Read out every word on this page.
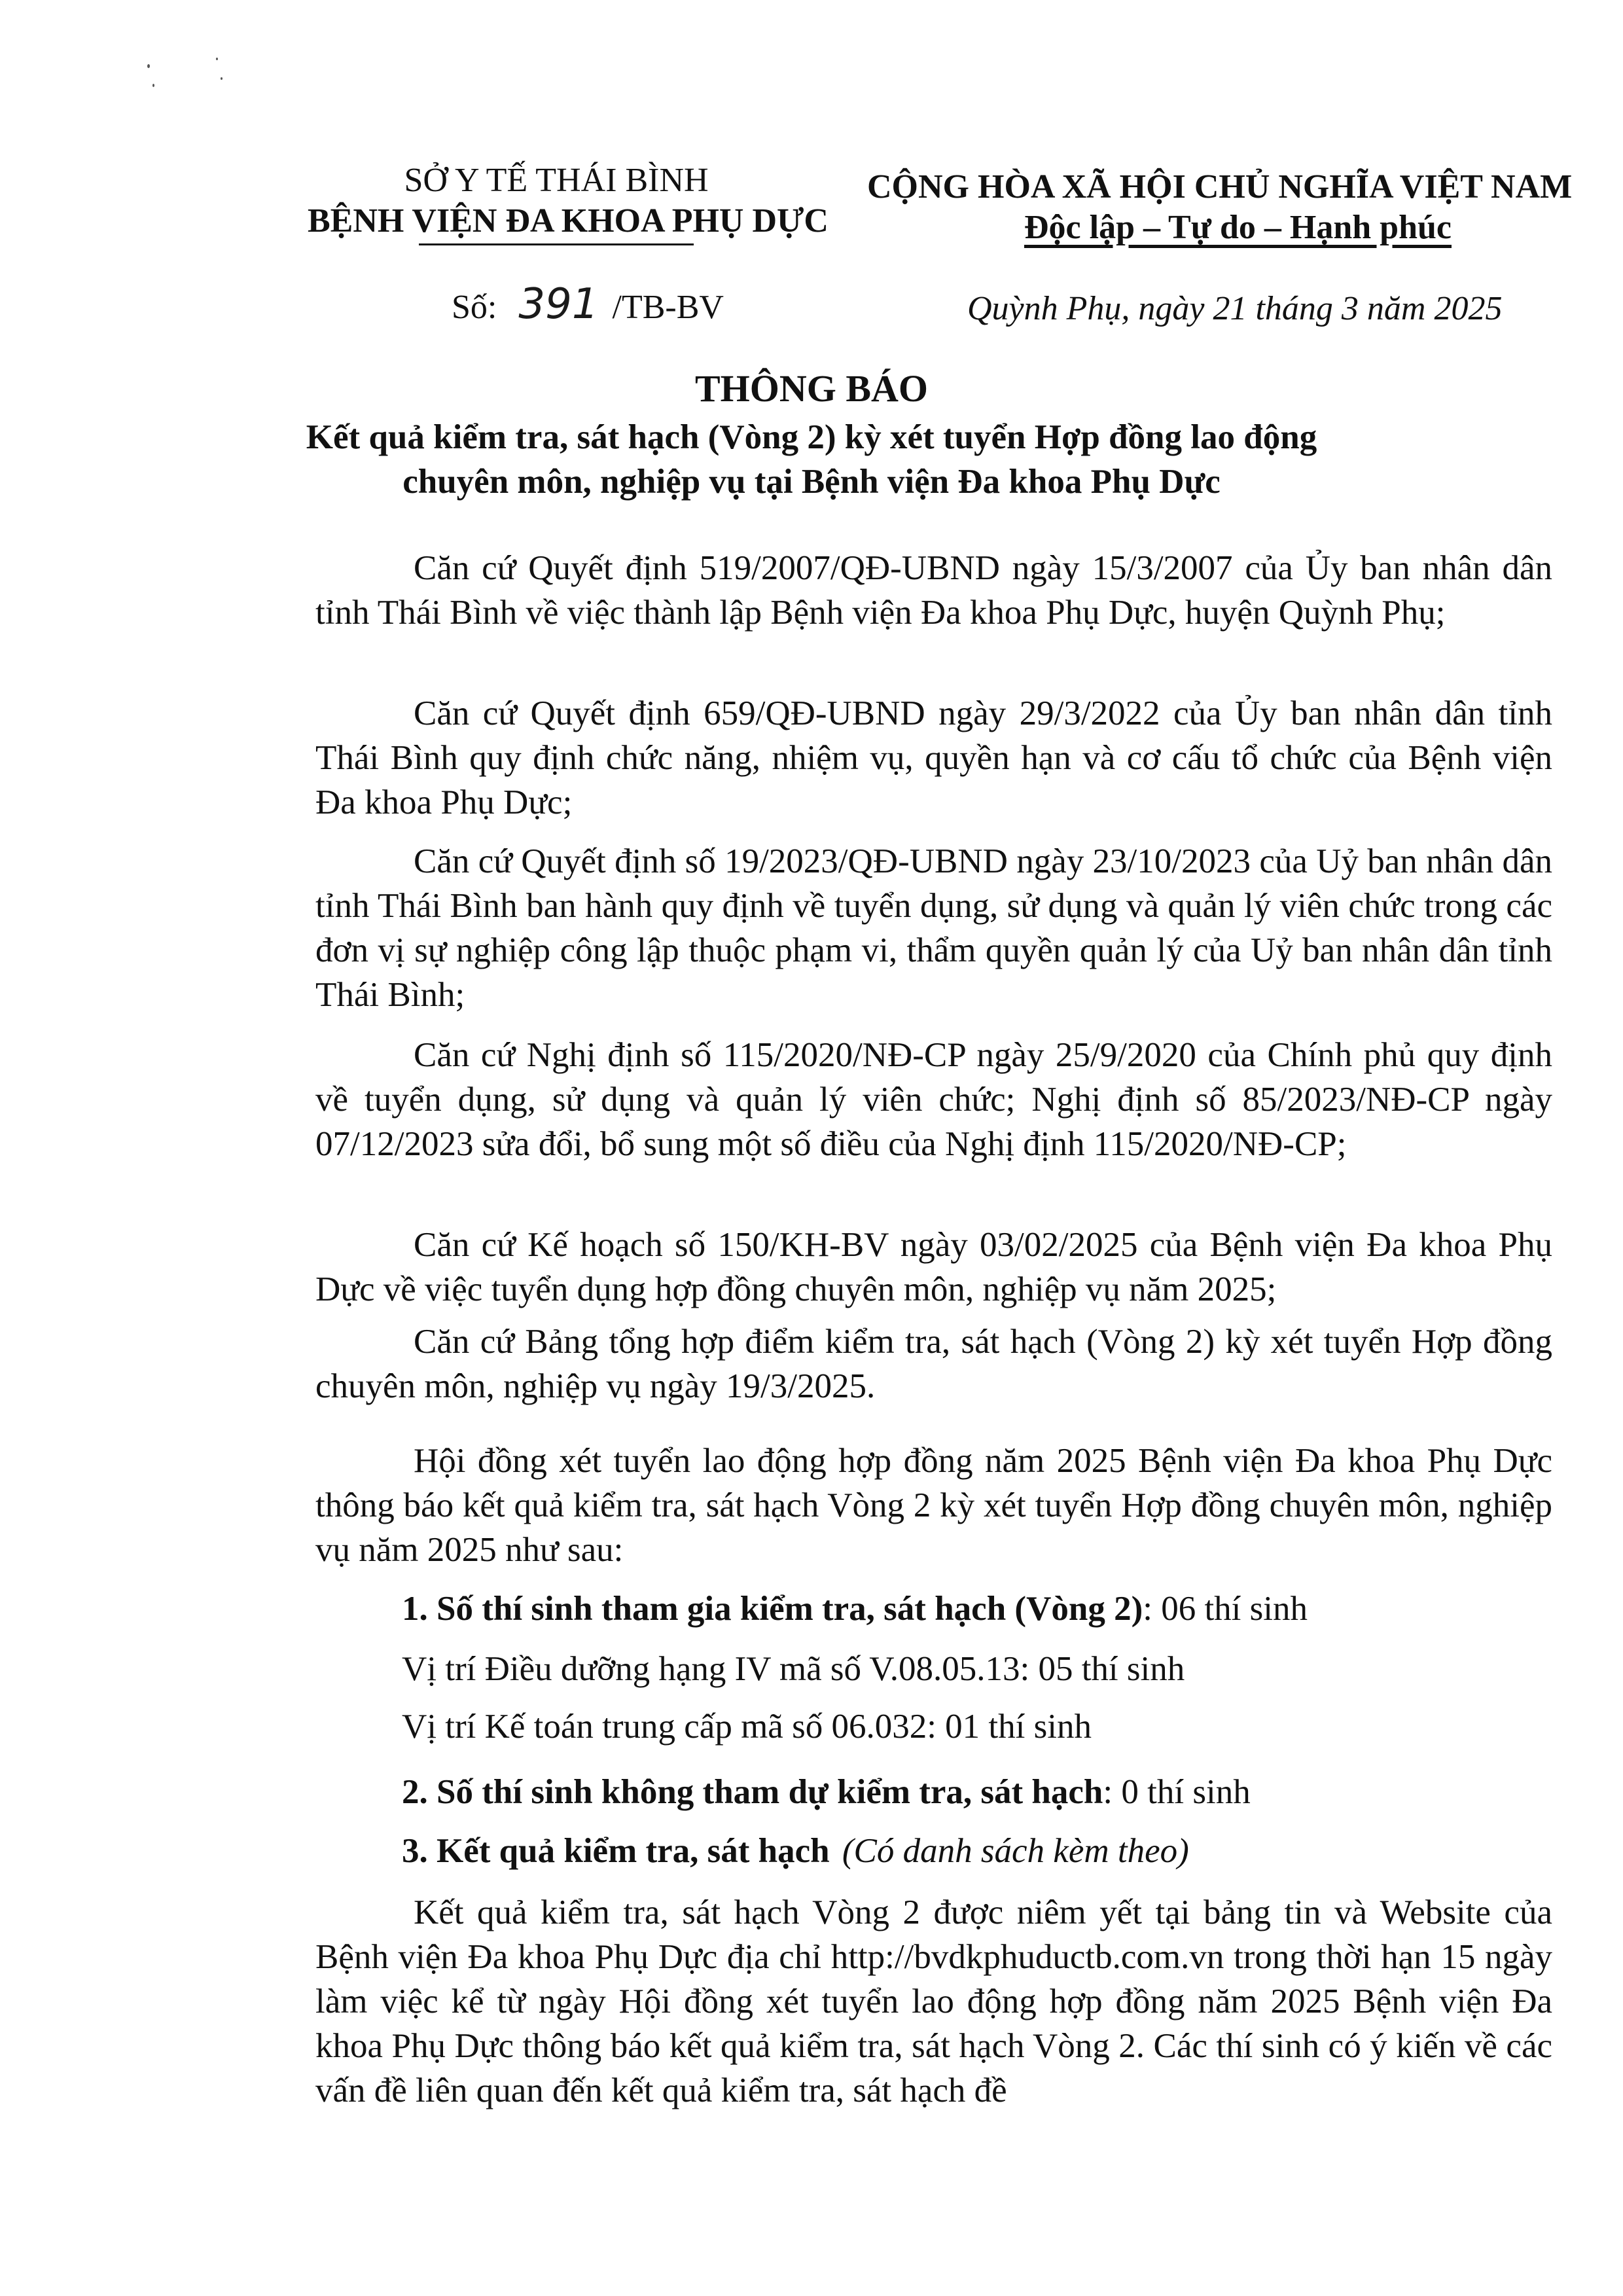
SỞ Y TẾ THÁI BÌNH
BỆNH VIỆN ĐA KHOA PHỤ DỰC
CỘNG HÒA XÃ HỘI CHỦ NGHĨA VIỆT NAM
Độc lập – Tự do – Hạnh phúc
Số: 391 /TB-BV	Quỳnh Phụ, ngày 21 tháng 3 năm 2025
THÔNG BÁO
Kết quả kiểm tra, sát hạch (Vòng 2) kỳ xét tuyển Hợp đồng lao động
chuyên môn, nghiệp vụ tại Bệnh viện Đa khoa Phụ Dực
Căn cứ Quyết định 519/2007/QĐ-UBND ngày 15/3/2007 của Ủy ban nhân dân tỉnh Thái Bình về việc thành lập Bệnh viện Đa khoa Phụ Dực, huyện Quỳnh Phụ;
Căn cứ Quyết định 659/QĐ-UBND ngày 29/3/2022 của Ủy ban nhân dân tỉnh Thái Bình quy định chức năng, nhiệm vụ, quyền hạn và cơ cấu tổ chức của Bệnh viện Đa khoa Phụ Dực;
Căn cứ Quyết định số 19/2023/QĐ-UBND ngày 23/10/2023 của Uỷ ban nhân dân tỉnh Thái Bình ban hành quy định về tuyển dụng, sử dụng và quản lý viên chức trong các đơn vị sự nghiệp công lập thuộc phạm vi, thẩm quyền quản lý của Uỷ ban nhân dân tỉnh Thái Bình;
Căn cứ Nghị định số 115/2020/NĐ-CP ngày 25/9/2020 của Chính phủ quy định về tuyển dụng, sử dụng và quản lý viên chức; Nghị định số 85/2023/NĐ-CP ngày 07/12/2023 sửa đổi, bổ sung một số điều của Nghị định 115/2020/NĐ-CP;
Căn cứ Kế hoạch số 150/KH-BV ngày 03/02/2025 của Bệnh viện Đa khoa Phụ Dực về việc tuyển dụng hợp đồng chuyên môn, nghiệp vụ năm 2025;
Căn cứ Bảng tổng hợp điểm kiểm tra, sát hạch (Vòng 2) kỳ xét tuyển Hợp đồng chuyên môn, nghiệp vụ ngày 19/3/2025.
Hội đồng xét tuyển lao động hợp đồng năm 2025 Bệnh viện Đa khoa Phụ Dực thông báo kết quả kiểm tra, sát hạch Vòng 2 kỳ xét tuyển Hợp đồng chuyên môn, nghiệp vụ năm 2025 như sau:
1. Số thí sinh tham gia kiểm tra, sát hạch (Vòng 2): 06 thí sinh
Vị trí Điều dưỡng hạng IV mã số V.08.05.13: 05 thí sinh
Vị trí Kế toán trung cấp mã số 06.032: 01 thí sinh
2. Số thí sinh không tham dự kiểm tra, sát hạch: 0 thí sinh
3. Kết quả kiểm tra, sát hạch (Có danh sách kèm theo)
Kết quả kiểm tra, sát hạch Vòng 2 được niêm yết tại bảng tin và Website của Bệnh viện Đa khoa Phụ Dực địa chỉ http://bvdkphuductb.com.vn trong thời hạn 15 ngày làm việc kể từ ngày Hội đồng xét tuyển lao động hợp đồng năm 2025 Bệnh viện Đa khoa Phụ Dực thông báo kết quả kiểm tra, sát hạch Vòng 2. Các thí sinh có ý kiến về các vấn đề liên quan đến kết quả kiểm tra, sát hạch đề
